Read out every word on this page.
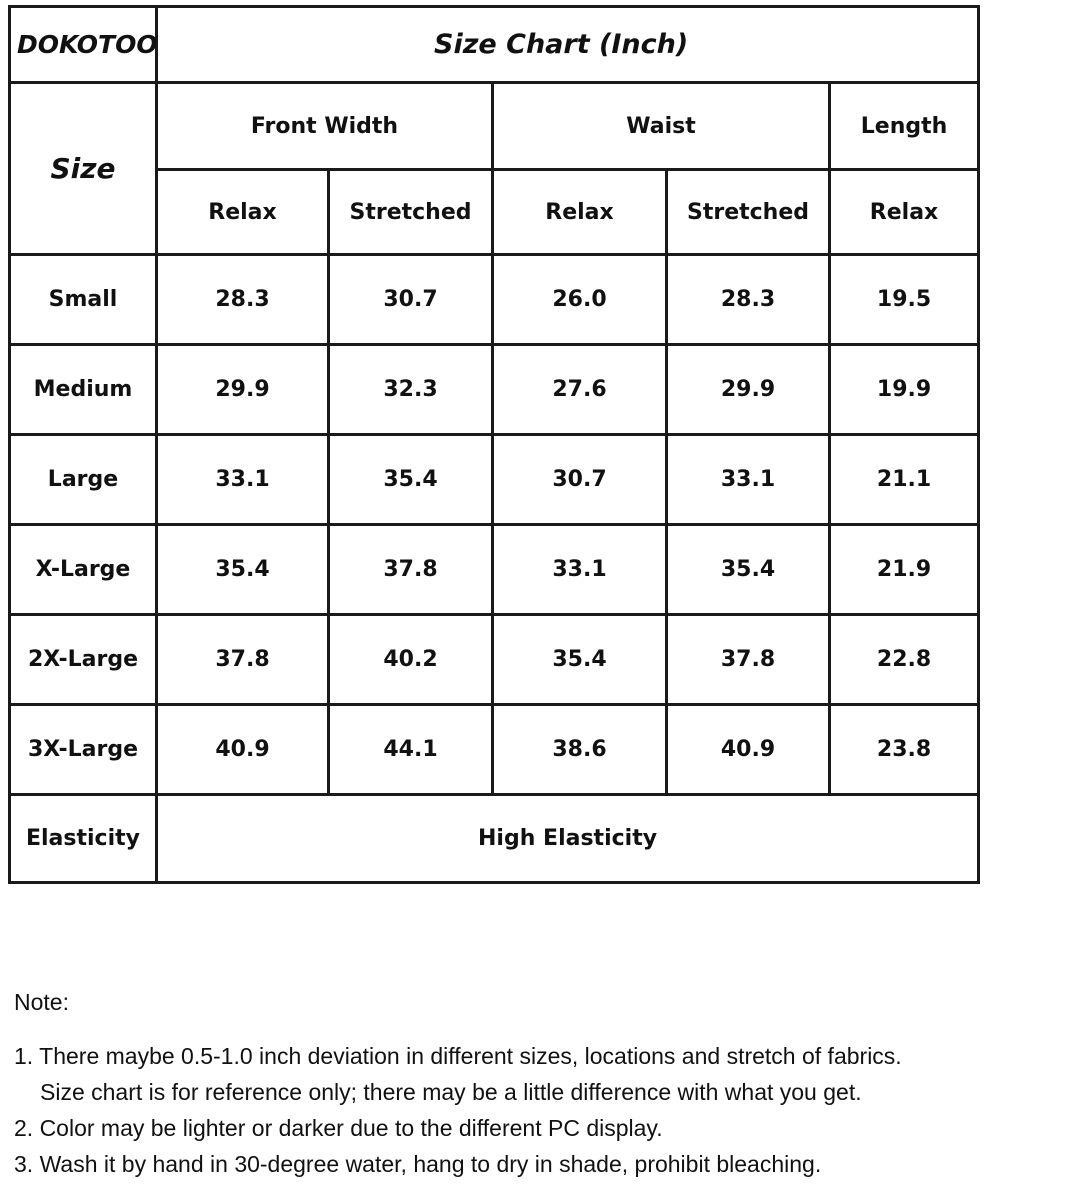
DOKOTOO	Size Chart (Inch)				
Size	Front Width		Waist		Length
	Relax	Stretched	Relax	Stretched	Relax
Small	28.3	30.7	26.0	28.3	19.5
Medium	29.9	32.3	27.6	29.9	19.9
Large	33.1	35.4	30.7	33.1	21.1
X-Large	35.4	37.8	33.1	35.4	21.9
2X-Large	37.8	40.2	35.4	37.8	22.8
3X-Large	40.9	44.1	38.6	40.9	23.8
Elasticity	High Elasticity				
Note:
1. There maybe 0.5-1.0 inch deviation in different sizes, locations and stretch of fabrics.
Size chart is for reference only; there may be a little difference with what you get.
2. Color may be lighter or darker due to the different PC display.
3. Wash it by hand in 30-degree water, hang to dry in shade, prohibit bleaching.
